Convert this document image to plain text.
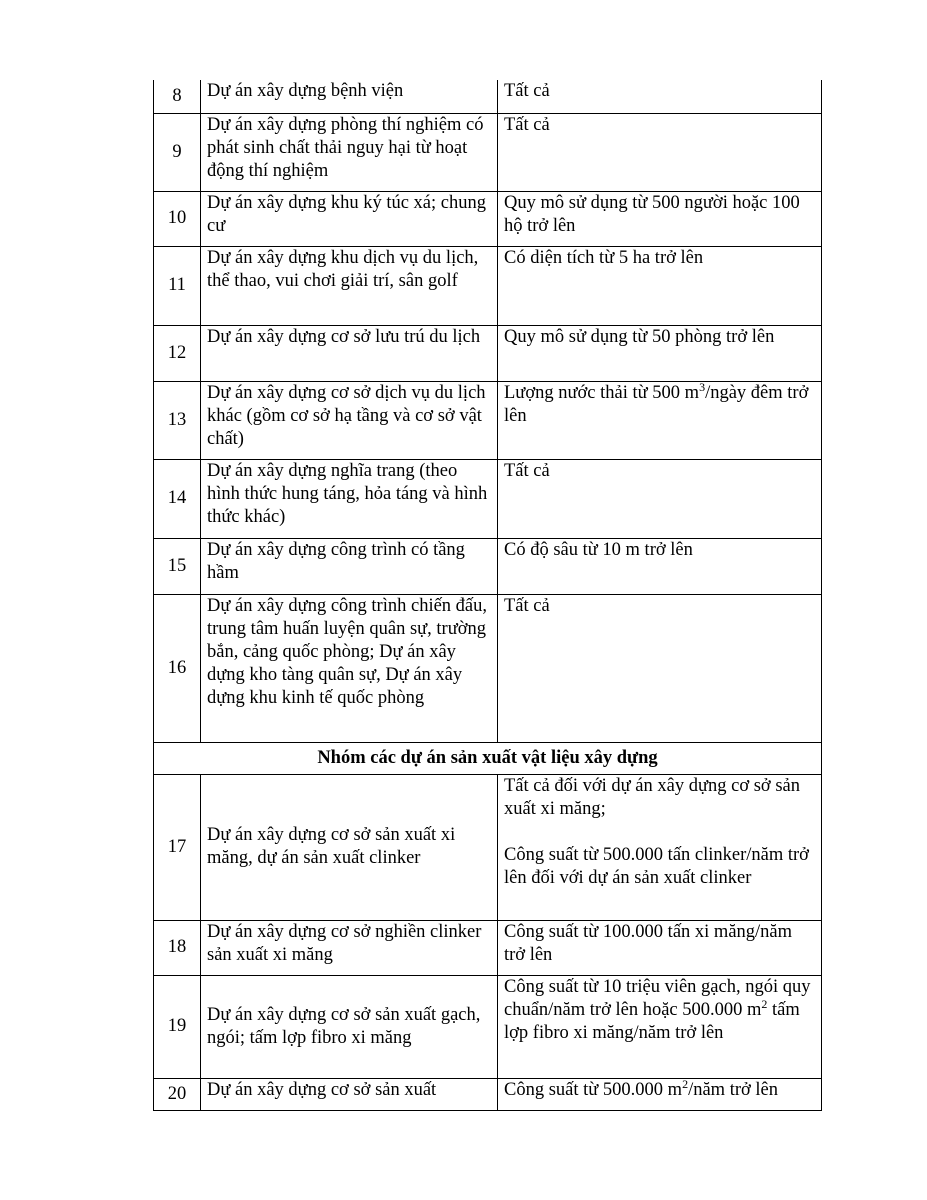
8	Dự án xây dựng bệnh viện	Tất cả

9	Dự án xây dựng phòng thí nghiệm có phát sinh chất thải nguy hại từ hoạt động thí nghiệm	Tất cả

10	Dự án xây dựng khu ký túc xá; chung cư	Quy mô sử dụng từ 500 người hoặc 100 hộ trở lên

11	Dự án xây dựng khu dịch vụ du lịch, thể thao, vui chơi giải trí, sân golf	Có diện tích từ 5 ha trở lên

12	Dự án xây dựng cơ sở lưu trú du lịch	Quy mô sử dụng từ 50 phòng trở lên

13	Dự án xây dựng cơ sở dịch vụ du lịch khác (gồm cơ sở hạ tầng và cơ sở vật chất)	Lượng nước thải từ 500 $m^3$/ngày đêm trở lên

14	Dự án xây dựng nghĩa trang (theo hình thức hung táng, hỏa táng và hình thức khác)	Tất cả

15	Dự án xây dựng công trình có tầng hầm	Có độ sâu từ 10 m trở lên

16	Dự án xây dựng công trình chiến đấu, trung tâm huấn luyện quân sự, trường bắn, cảng quốc phòng; Dự án xây dựng kho tàng quân sự, Dự án xây dựng khu kinh tế quốc phòng	Tất cả

Nhóm các dự án sản xuất vật liệu xây dựng		
17	Dự án xây dựng cơ sở sản xuất xi măng, dự án sản xuất clinker	Tất cả đối với dự án xây dựng cơ sở sản xuất xi măng;
Công suất từ 500.000 tấn clinker/năm trở lên đối với dự án sản xuất clinker

18	Dự án xây dựng cơ sở nghiền clinker sản xuất xi măng	Công suất từ 100.000 tấn xi măng/năm trở lên

19	Dự án xây dựng cơ sở sản xuất gạch, ngói; tấm lợp fibro xi măng	Công suất từ 10 triệu viên gạch, ngói quy chuẩn/năm trở lên hoặc 500.000 $m^2$ tấm lợp fibro xi măng/năm trở lên

20	Dự án xây dựng cơ sở sản xuất	Công suất từ 500.000 $m^2$/năm trở lên
